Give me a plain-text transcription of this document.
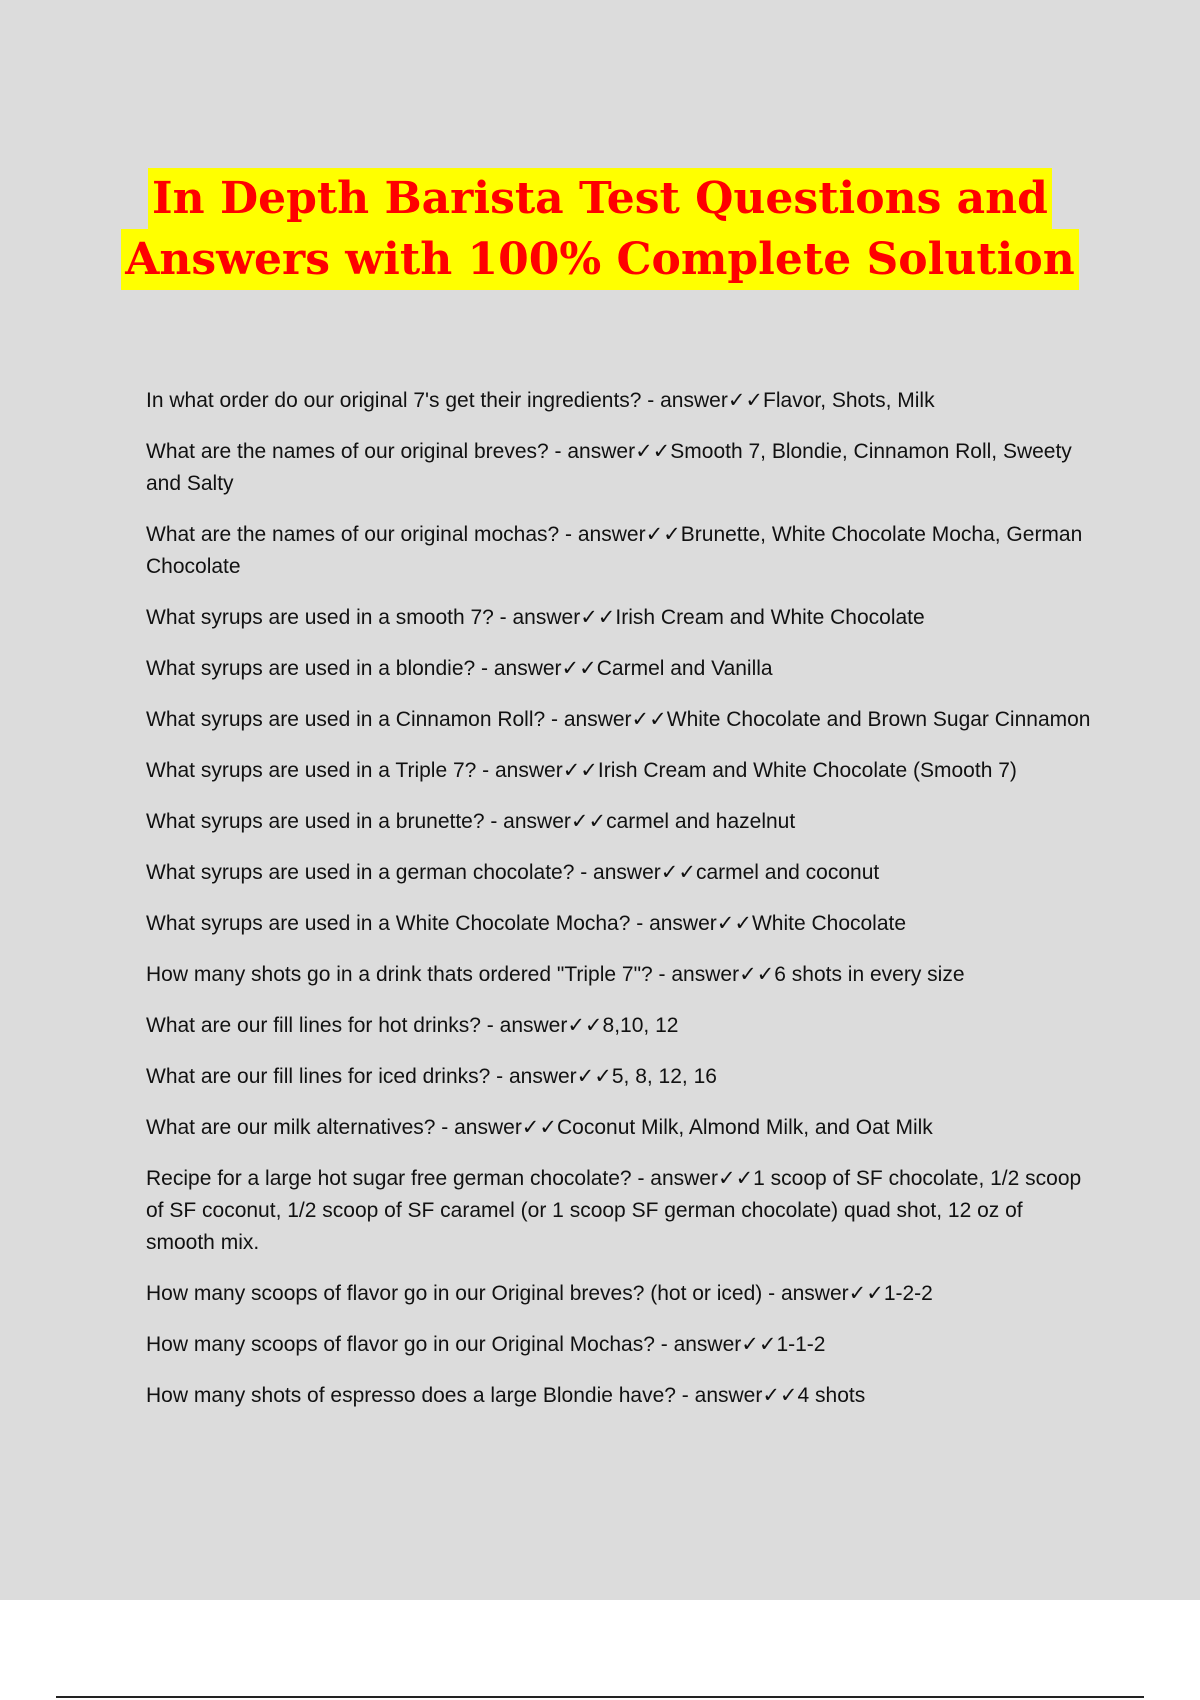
In Depth Barista Test Questions and
Answers with 100% Complete Solution

In what order do our original 7's get their ingredients? - answer✓✓Flavor, Shots, Milk

What are the names of our original breves? - answer✓✓Smooth 7, Blondie, Cinnamon Roll, Sweety and Salty

What are the names of our original mochas? - answer✓✓Brunette, White Chocolate Mocha, German Chocolate

What syrups are used in a smooth 7? - answer✓✓Irish Cream and White Chocolate

What syrups are used in a blondie? - answer✓✓Carmel and Vanilla

What syrups are used in a Cinnamon Roll? - answer✓✓White Chocolate and Brown Sugar Cinnamon

What syrups are used in a Triple 7? - answer✓✓Irish Cream and White Chocolate (Smooth 7)

What syrups are used in a brunette? - answer✓✓carmel and hazelnut

What syrups are used in a german chocolate? - answer✓✓carmel and coconut

What syrups are used in a White Chocolate Mocha? - answer✓✓White Chocolate

How many shots go in a drink thats ordered "Triple 7"? - answer✓✓6 shots in every size

What are our fill lines for hot drinks? - answer✓✓8,10, 12

What are our fill lines for iced drinks? - answer✓✓5, 8, 12, 16

What are our milk alternatives? - answer✓✓Coconut Milk, Almond Milk, and Oat Milk

Recipe for a large hot sugar free german chocolate? - answer✓✓1 scoop of SF chocolate, 1/2 scoop of SF coconut, 1/2 scoop of SF caramel (or 1 scoop SF german chocolate) quad shot, 12 oz of smooth mix.

How many scoops of flavor go in our Original breves? (hot or iced) - answer✓✓1-2-2

How many scoops of flavor go in our Original Mochas? - answer✓✓1-1-2

How many shots of espresso does a large Blondie have? - answer✓✓4 shots
